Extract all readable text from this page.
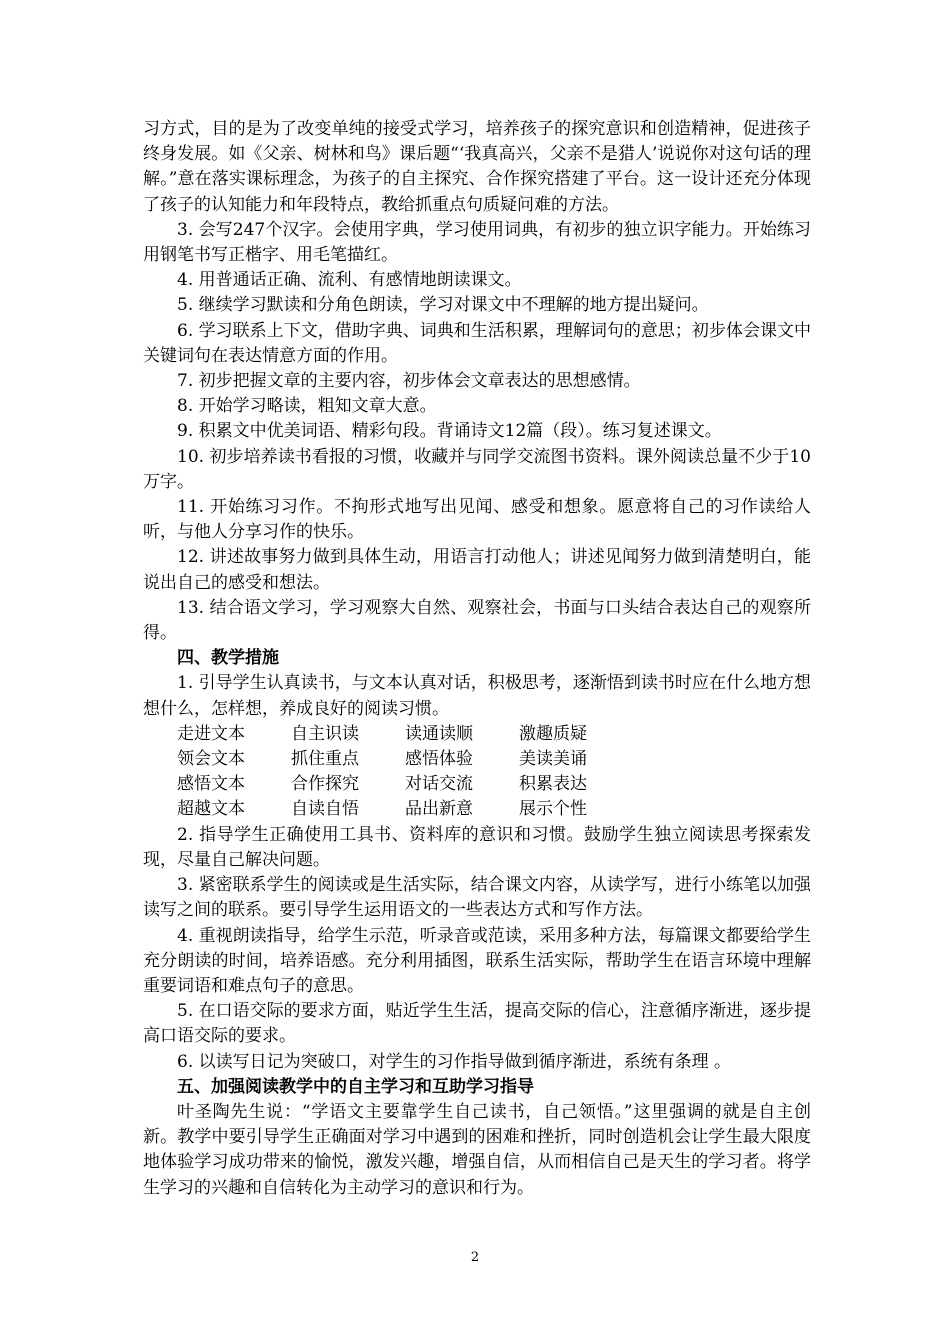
习方式，目的是为了改变单纯的接受式学习，培养孩子的探究意识和创造精神，促进孩子终身发展。如《父亲、树林和鸟》课后题“‘我真高兴，父亲不是猎人’说说你对这句话的理解。”意在落实课标理念，为孩子的自主探究、合作探究搭建了平台。这一设计还充分体现了孩子的认知能力和年段特点，教给抓重点句质疑问难的方法。

3. 会写247个汉字。会使用字典，学习使用词典，有初步的独立识字能力。开始练习用钢笔书写正楷字、用毛笔描红。

4. 用普通话正确、流利、有感情地朗读课文。

5. 继续学习默读和分角色朗读，学习对课文中不理解的地方提出疑问。

6. 学习联系上下文，借助字典、词典和生活积累，理解词句的意思；初步体会课文中关键词句在表达情意方面的作用。

7. 初步把握文章的主要内容，初步体会文章表达的思想感情。

8. 开始学习略读，粗知文章大意。

9. 积累文中优美词语、精彩句段。背诵诗文12篇（段）。练习复述课文。

10. 初步培养读书看报的习惯，收藏并与同学交流图书资料。课外阅读总量不少于10万字。

11. 开始练习习作。不拘形式地写出见闻、感受和想象。愿意将自己的习作读给人听，与他人分享习作的快乐。

12. 讲述故事努力做到具体生动，用语言打动他人；讲述见闻努力做到清楚明白，能说出自己的感受和想法。

13. 结合语文学习，学习观察大自然、观察社会，书面与口头结合表达自己的观察所得。

四、教学措施

1. 引导学生认真读书，与文本认真对话，积极思考，逐渐悟到读书时应在什么地方想想什么，怎样想，养成良好的阅读习惯。

走进文本	自主识读	读通读顺	激趣质疑
领会文本	抓住重点	感悟体验	美读美诵
感悟文本	合作探究	对话交流	积累表达
超越文本	自读自悟	品出新意	展示个性

2. 指导学生正确使用工具书、资料库的意识和习惯。鼓励学生独立阅读思考探索发现，尽量自己解决问题。

3. 紧密联系学生的阅读或是生活实际，结合课文内容，从读学写，进行小练笔以加强读写之间的联系。要引导学生运用语文的一些表达方式和写作方法。

4. 重视朗读指导，给学生示范，听录音或范读，采用多种方法，每篇课文都要给学生充分朗读的时间，培养语感。充分利用插图，联系生活实际，帮助学生在语言环境中理解重要词语和难点句子的意思。

5. 在口语交际的要求方面，贴近学生生活，提高交际的信心，注意循序渐进，逐步提高口语交际的要求。

6. 以读写日记为突破口，对学生的习作指导做到循序渐进，系统有条理 。

五、加强阅读教学中的自主学习和互助学习指导

叶圣陶先生说：“学语文主要靠学生自己读书，自己领悟。”这里强调的就是自主创新。教学中要引导学生正确面对学习中遇到的困难和挫折，同时创造机会让学生最大限度地体验学习成功带来的愉悦，激发兴趣，增强自信，从而相信自己是天生的学习者。将学生学习的兴趣和自信转化为主动学习的意识和行为。

2
